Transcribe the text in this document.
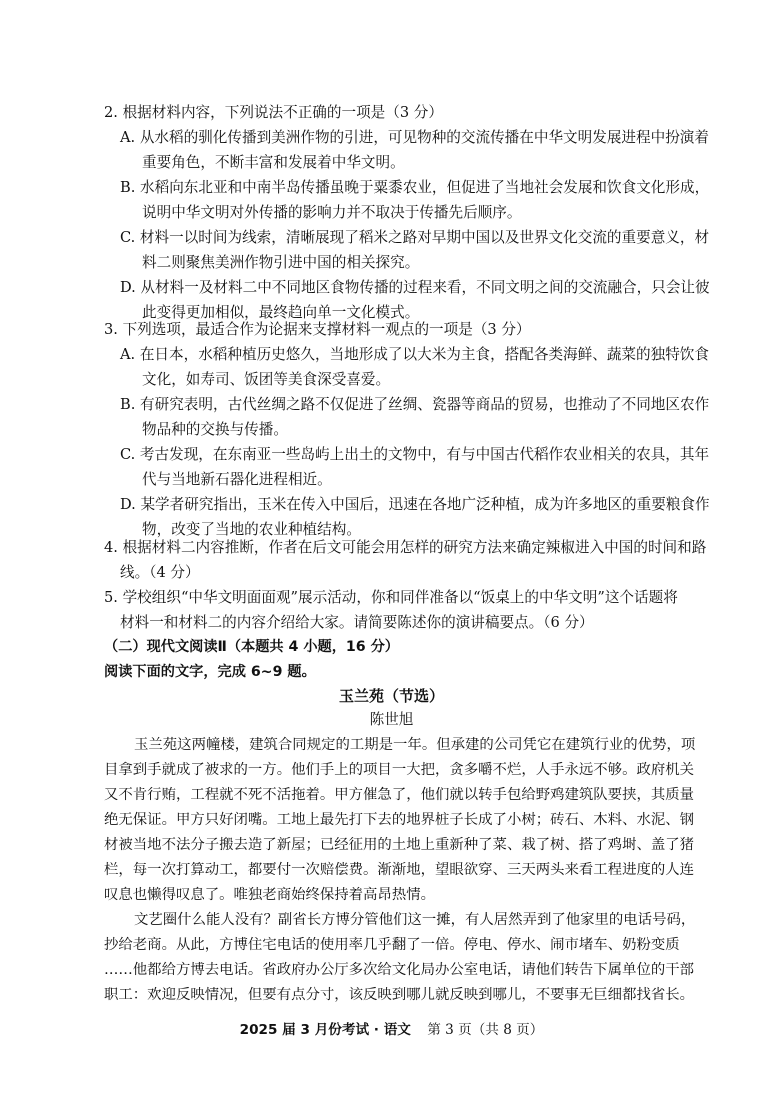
2. 根据材料内容，下列说法不正确的一项是（3 分）
A. 从水稻的驯化传播到美洲作物的引进，可见物种的交流传播在中华文明发展进程中扮演着
重要角色，不断丰富和发展着中华文明。
B. 水稻向东北亚和中南半岛传播虽晚于粟黍农业，但促进了当地社会发展和饮食文化形成，
说明中华文明对外传播的影响力并不取决于传播先后顺序。
C. 材料一以时间为线索，清晰展现了稻米之路对早期中国以及世界文化交流的重要意义，材
料二则聚焦美洲作物引进中国的相关探究。
D. 从材料一及材料二中不同地区食物传播的过程来看，不同文明之间的交流融合，只会让彼
此变得更加相似，最终趋向单一文化模式。
3. 下列选项，最适合作为论据来支撑材料一观点的一项是（3 分）
A. 在日本，水稻种植历史悠久，当地形成了以大米为主食，搭配各类海鲜、蔬菜的独特饮食
文化，如寿司、饭团等美食深受喜爱。
B. 有研究表明，古代丝绸之路不仅促进了丝绸、瓷器等商品的贸易，也推动了不同地区农作
物品种的交换与传播。
C. 考古发现，在东南亚一些岛屿上出土的文物中，有与中国古代稻作农业相关的农具，其年
代与当地新石器化进程相近。
D. 某学者研究指出，玉米在传入中国后，迅速在各地广泛种植，成为许多地区的重要粮食作
物，改变了当地的农业种植结构。
4. 根据材料二内容推断，作者在后文可能会用怎样的研究方法来确定辣椒进入中国的时间和路
线。（4 分）
5. 学校组织“中华文明面面观”展示活动，你和同伴准备以“饭桌上的中华文明”这个话题将
材料一和材料二的内容介绍给大家。请简要陈述你的演讲稿要点。（6 分）
（二）现代文阅读Ⅱ（本题共 4 小题，16 分）
阅读下面的文字，完成 6~9 题。
玉兰苑（节选）
陈世旭
玉兰苑这两幢楼，建筑合同规定的工期是一年。但承建的公司凭它在建筑行业的优势，项
目拿到手就成了被求的一方。他们手上的项目一大把，贪多嚼不烂，人手永远不够。政府机关
又不肯行贿，工程就不死不活拖着。甲方催急了，他们就以转手包给野鸡建筑队要挟，其质量
绝无保证。甲方只好闭嘴。工地上最先打下去的地界桩子长成了小树；砖石、木料、水泥、钢
材被当地不法分子搬去造了新屋；已经征用的土地上重新种了菜、栽了树、搭了鸡埘、盖了猪
栏，每一次打算动工，都要付一次赔偿费。渐渐地，望眼欲穿、三天两头来看工程进度的人连
叹息也懒得叹息了。唯独老商始终保持着高昂热情。
文艺圈什么能人没有？副省长方博分管他们这一摊，有人居然弄到了他家里的电话号码，
抄给老商。从此，方博住宅电话的使用率几乎翻了一倍。停电、停水、闹市堵车、奶粉变质
……他都给方博去电话。省政府办公厅多次给文化局办公室电话，请他们转告下属单位的干部
职工：欢迎反映情况，但要有点分寸，该反映到哪儿就反映到哪儿，不要事无巨细都找省长。
2025 届 3 月份考试 · 语文 第 3 页（共 8 页）
